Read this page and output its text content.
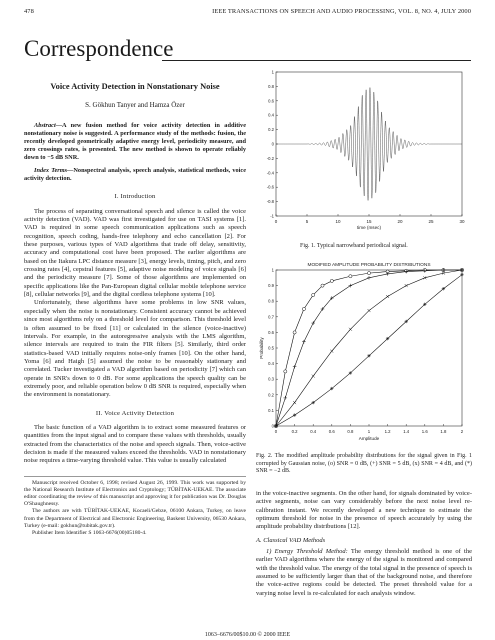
478	IEEE TRANSACTIONS ON SPEECH AND AUDIO PROCESSING, VOL. 8, NO. 4, JULY 2000
Correspondence
Voice Activity Detection in Nonstationary Noise
S. Gökhun Tanyer and Hamza Özer

Abstract—A new fusion method for voice activity detection in additive nonstationary noise is suggested. A performance study of the methods: fusion, the recently developed geometrically adaptive energy level, periodicity measure, and zero crossings rates, is presented. The new method is shown to operate reliably down to −5 dB SNR.

Index Terms—Nonspectral analysis, speech analysis, statistical methods, voice activity detection.

I. Introduction

The process of separating conversational speech and silence is called the voice activity detection (VAD). VAD was first investigated for use on TASI systems [1]. VAD is required in some speech communication applications such as speech recognition, speech coding, hands-free telephony and echo cancellation [2]. For these purposes, various types of VAD algorithms that trade off delay, sensitivity, accuracy and computational cost have been proposed. The earlier algorithms are based on the Itakura LPC distance measure [3], energy levels, timing, pitch, and zero crossing rates [4], cepstral features [5], adaptive noise modeling of voice signals [6] and the periodicity measure [7]. Some of those algorithms are implemented on specific applications like the Pan-European digital cellular mobile telephone service [8], cellular networks [9], and the digital cordless telephone systems [10].

Unfortunately, these algorithms have some problems in low SNR values, especially when the noise is nonstationary. Consistent accuracy cannot be achieved since most algorithms rely on a threshold level for comparison. This threshold level is often assumed to be fixed [11] or calculated in the silence (voice-inactive) intervals. For example, in the autoregressive analysis with the LMS algorithm, silence intervals are required to train the FIR filters [5]. Similarly, third order statistics-based VAD initially requires noise-only frames [10]. On the other hand, Yoma [6] and Haigh [5] assumed the noise to be reasonably stationary and correlated. Tucker investigated a VAD algorithm based on periodicity [7] which can operate in SNR's down to 0 dB. For some applications the speech quality can be extremely poor, and reliable operation below 0 dB SNR is required, especially when the environment is nonstationary.

II. Voice Activity Detection

The basic function of a VAD algorithm is to extract some measured features or quantities from the input signal and to compare these values with thresholds, usually extracted from the characteristics of the noise and speech signals. Then, voice-active decision is made if the measured values exceed the thresholds. VAD in nonstationary noise requires a time-varying threshold value. This value is usually calculated

Manuscript received October 6, 1998; revised August 26, 1999. This work was supported by the National Research Institute of Electronics and Cryptology; TÜBİTAK-UEKAE. The associate editor coordinating the review of this manuscript and approving it for publication was Dr. Douglas O'Shaughnessy.

The authors are with TÜBİTAK-UEKAE, Kocaeli/Gebze, 06100 Ankara, Turkey, on leave from the Department of Electrical and Electronic Engineering, Baskent University, 06530 Ankara, Turkey (e-mail: gokhun@tubitak.gov.tr).

Publisher Item Identifier S 1063-6676(00)05180-4.

1
0.8
0.6
0.4
0.2
0
-0.2
-0.4
-0.6
-0.8
-1
0	5	10	15	20	25	30
time (msec)
Fig. 1. Typical narrowband periodical signal.
MODIFIED AMPLITUDE PROBABILITY DISTRIBUTIONS
0
0.1
0.2
0.3
0.4
0.5
0.6
0.7
0.8
0.9
1
0	0.2	0.4	0.6	0.8	1	1.2	1.4	1.6	1.8	2
Amplitude
Probability
Fig. 2. The modified amplitude probability distributions for the signal given in Fig. 1 corrupted by Gaussian noise, (o) SNR = 0 dB, (+) SNR = 5 dB, (x) SNR = 4 dB, and (*) SNR = −2 dB.

in the voice-inactive segments. On the other hand, for signals dominated by voice-active segments, noise can vary considerably before the next noise level re-calibration instant. We recently developed a new technique to estimate the optimum threshold for noise in the presence of speech accurately by using the amplitude probability distributions [12].

A. Classical VAD Methods

1) Energy Threshold Method: The energy threshold method is one of the earlier VAD algorithms where the energy of the signal is monitored and compared with the threshold value. The energy of the total signal in the presence of speech is assumed to be sufficiently larger than that of the background noise, and therefore the voice-active regions could be detected. The preset threshold value for a varying noise level is re-calculated for each analysis window.

1063–6676/00$10.00 © 2000 IEEE
